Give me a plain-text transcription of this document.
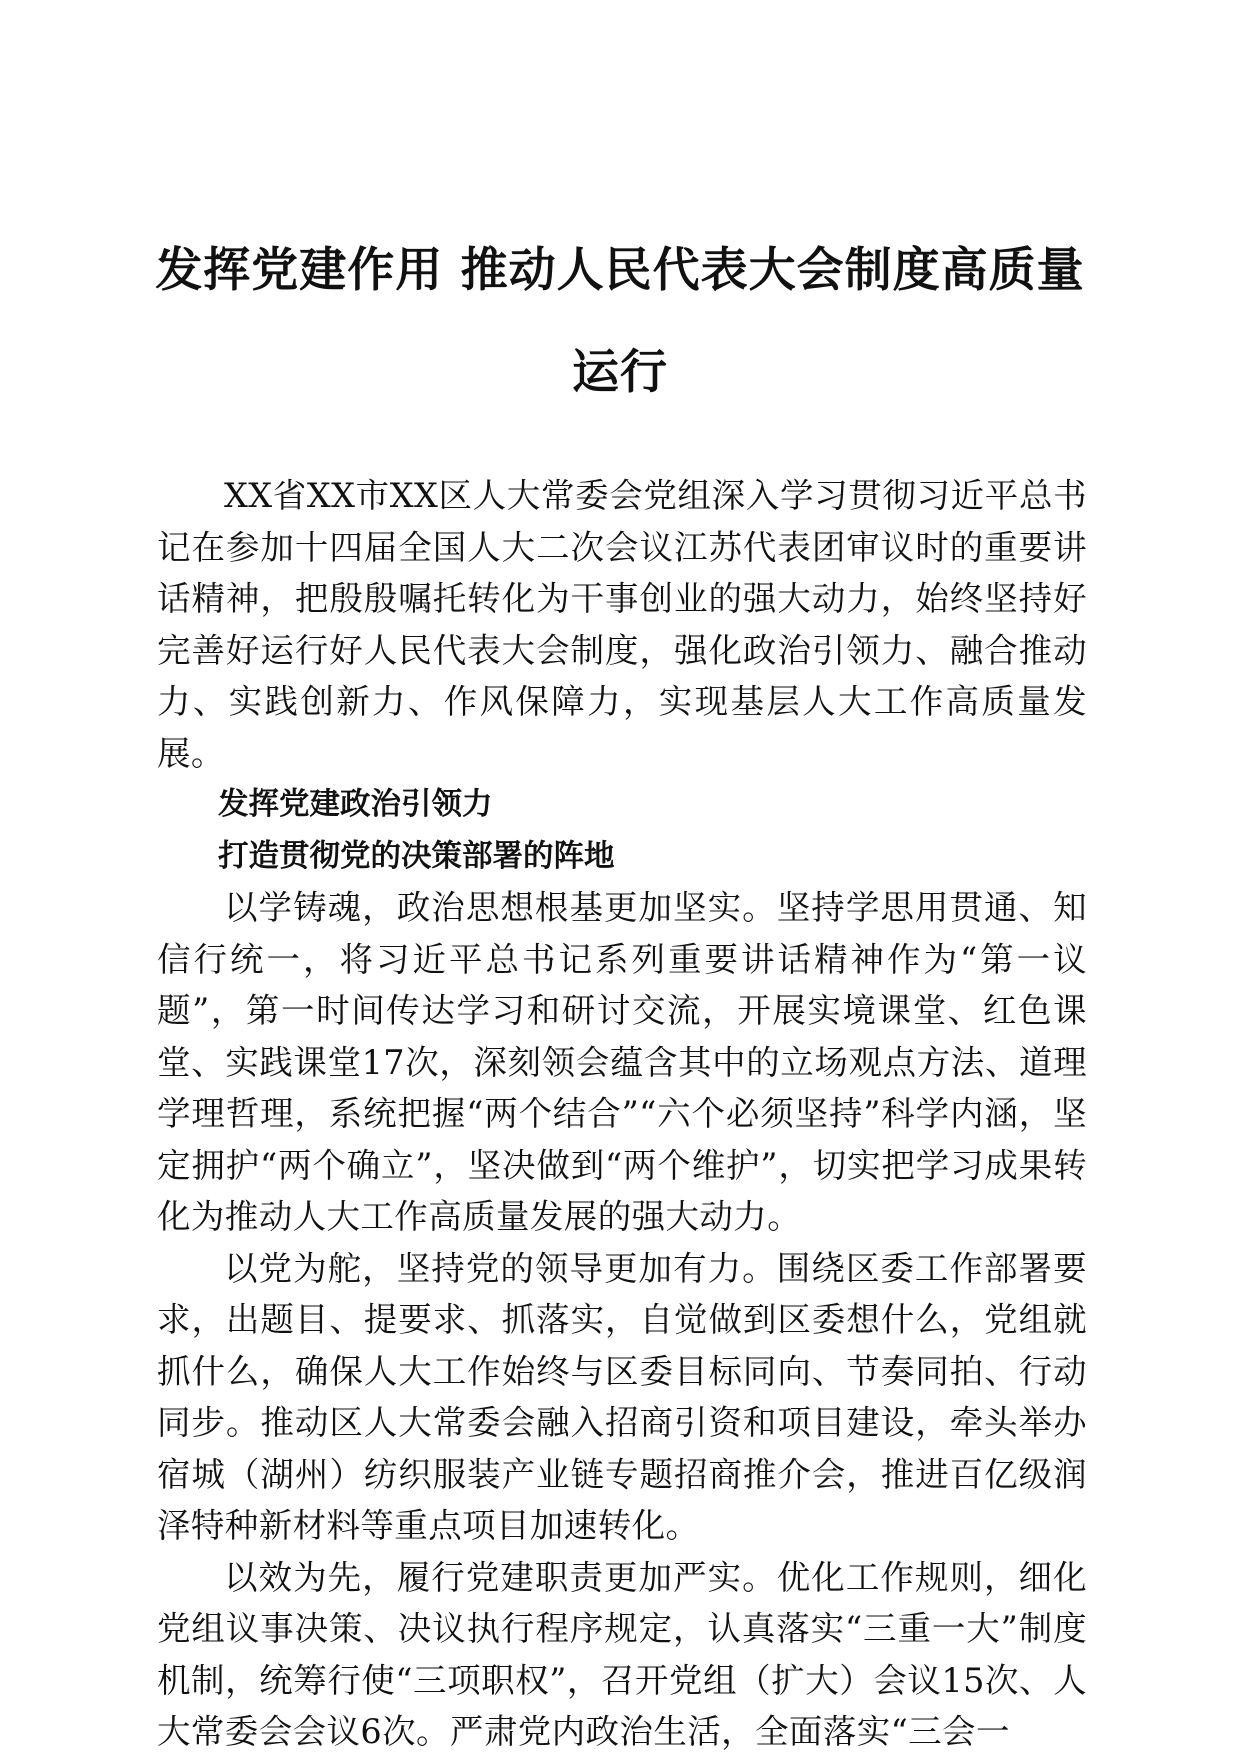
发挥党建作用 推动人民代表大会制度高质量
运行

XX省XX市XX区人大常委会党组深入学习贯彻习近平总书记在参加十四届全国人大二次会议江苏代表团审议时的重要讲话精神，把殷殷嘱托转化为干事创业的强大动力，始终坚持好完善好运行好人民代表大会制度，强化政治引领力、融合推动力、实践创新力、作风保障力，实现基层人大工作高质量发展。

发挥党建政治引领力

打造贯彻党的决策部署的阵地

以学铸魂，政治思想根基更加坚实。坚持学思用贯通、知信行统一，将习近平总书记系列重要讲话精神作为“第一议题”，第一时间传达学习和研讨交流，开展实境课堂、红色课堂、实践课堂17次，深刻领会蕴含其中的立场观点方法、道理学理哲理，系统把握“两个结合”“六个必须坚持”科学内涵，坚定拥护“两个确立”，坚决做到“两个维护”，切实把学习成果转化为推动人大工作高质量发展的强大动力。

以党为舵，坚持党的领导更加有力。围绕区委工作部署要求，出题目、提要求、抓落实，自觉做到区委想什么，党组就抓什么，确保人大工作始终与区委目标同向、节奏同拍、行动同步。推动区人大常委会融入招商引资和项目建设，牵头举办宿城（湖州）纺织服装产业链专题招商推介会，推进百亿级润泽特种新材料等重点项目加速转化。

以效为先，履行党建职责更加严实。优化工作规则，细化党组议事决策、决议执行程序规定，认真落实“三重一大”制度机制，统筹行使“三项职权”，召开党组（扩大）会议15次、人大常委会会议6次。严肃党内政治生活，全面落实“三会一
